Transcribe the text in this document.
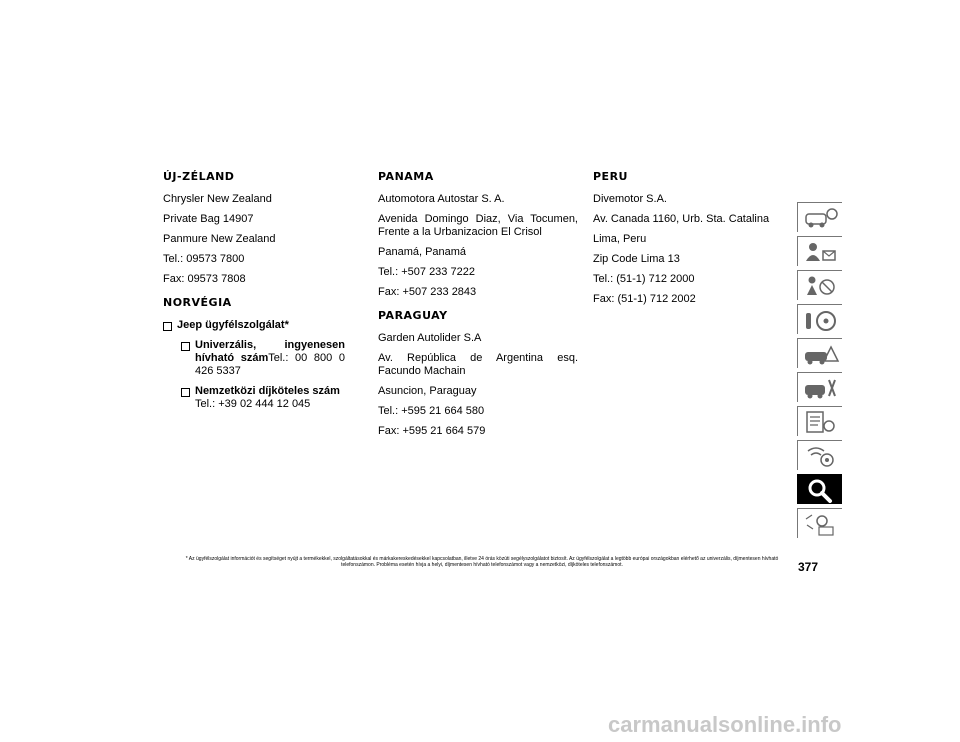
ÚJ-ZÉLAND

Chrysler New Zealand

Private Bag 14907

Panmure New Zealand

Tel.: 09573 7800

Fax: 09573 7808

NORVÉGIA
Jeep ügyfélszolgálat*
Univerzális, ingyenesen hívható számTel.: 00 800 0 426 5337
Nemzetközi díjköteles szám
Tel.: +39 02 444 12 045
PANAMA

Automotora Autostar S. A.

Avenida Domingo Diaz, Via Tocumen, Frente a la Urbanizacion El Crisol

Panamá, Panamá

Tel.: +507 233 7222

Fax: +507 233 2843

PARAGUAY

Garden Autolider S.A

Av. República de Argentina esq. Facundo Machain

Asuncion, Paraguay

Tel.: +595 21 664 580

Fax: +595 21 664 579

PERU

Divemotor S.A.

Av. Canada 1160, Urb. Sta. Catalina

Lima, Peru

Zip Code Lima 13

Tel.: (51-1) 712 2000

Fax: (51-1) 712 2002

* Az ügyfélszolgálat információt és segítséget nyújt a termékekkel, szolgáltatásokkal és márkakereskedésekkel kapcsolatban, illetve 24 órás közúti segélyszolgálatot biztosít. Az ügyfélszolgálat a legtöbb európai országokban elérhető az univerzális, díjmentesen hívható telefonszámon. Probléma esetén hívja a helyi, díjmentesen hívható telefonszámot vagy a nemzetközi, díjköteles telefonszámot.	377
carmanualsonline.info
